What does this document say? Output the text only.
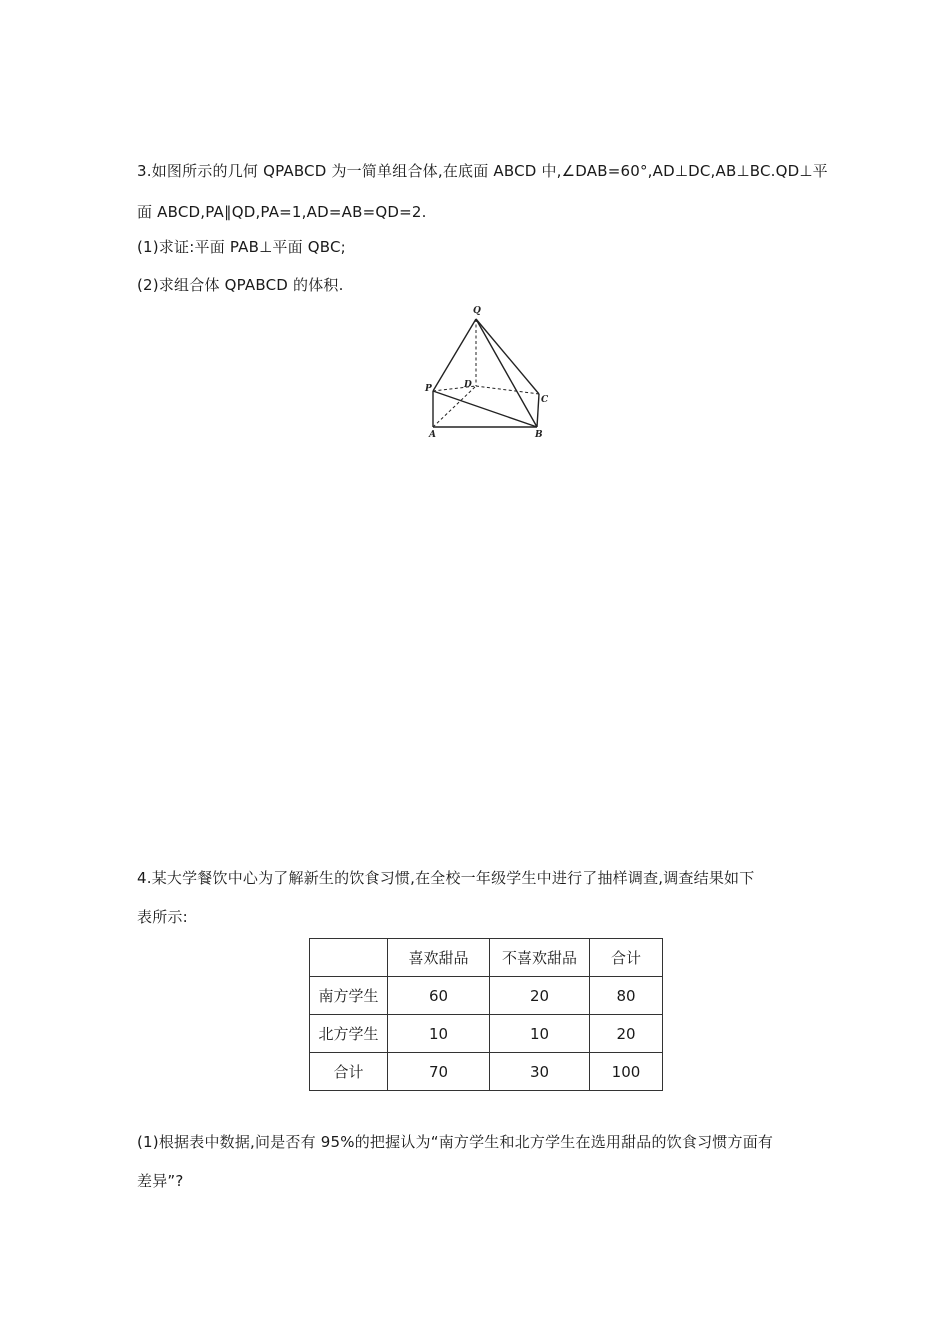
3.如图所示的几何 QPABCD 为一简单组合体,在底面 ABCD 中,∠DAB=60°,AD⊥DC,AB⊥BC.QD⊥平
面 ABCD,PA∥QD,PA=1,AD=AB=QD=2.
(1)求证:平面 PAB⊥平面 QBC;
(2)求组合体 QPABCD 的体积.
Q
P	D
C
A	B
4.某大学餐饮中心为了解新生的饮食习惯,在全校一年级学生中进行了抽样调查,调查结果如下
表所示:
	喜欢甜品	不喜欢甜品	合计
南方学生	60	20	80
北方学生	10	10	20
合计	70	30	100
(1)根据表中数据,问是否有 95%的把握认为“南方学生和北方学生在选用甜品的饮食习惯方面有
差异”?
